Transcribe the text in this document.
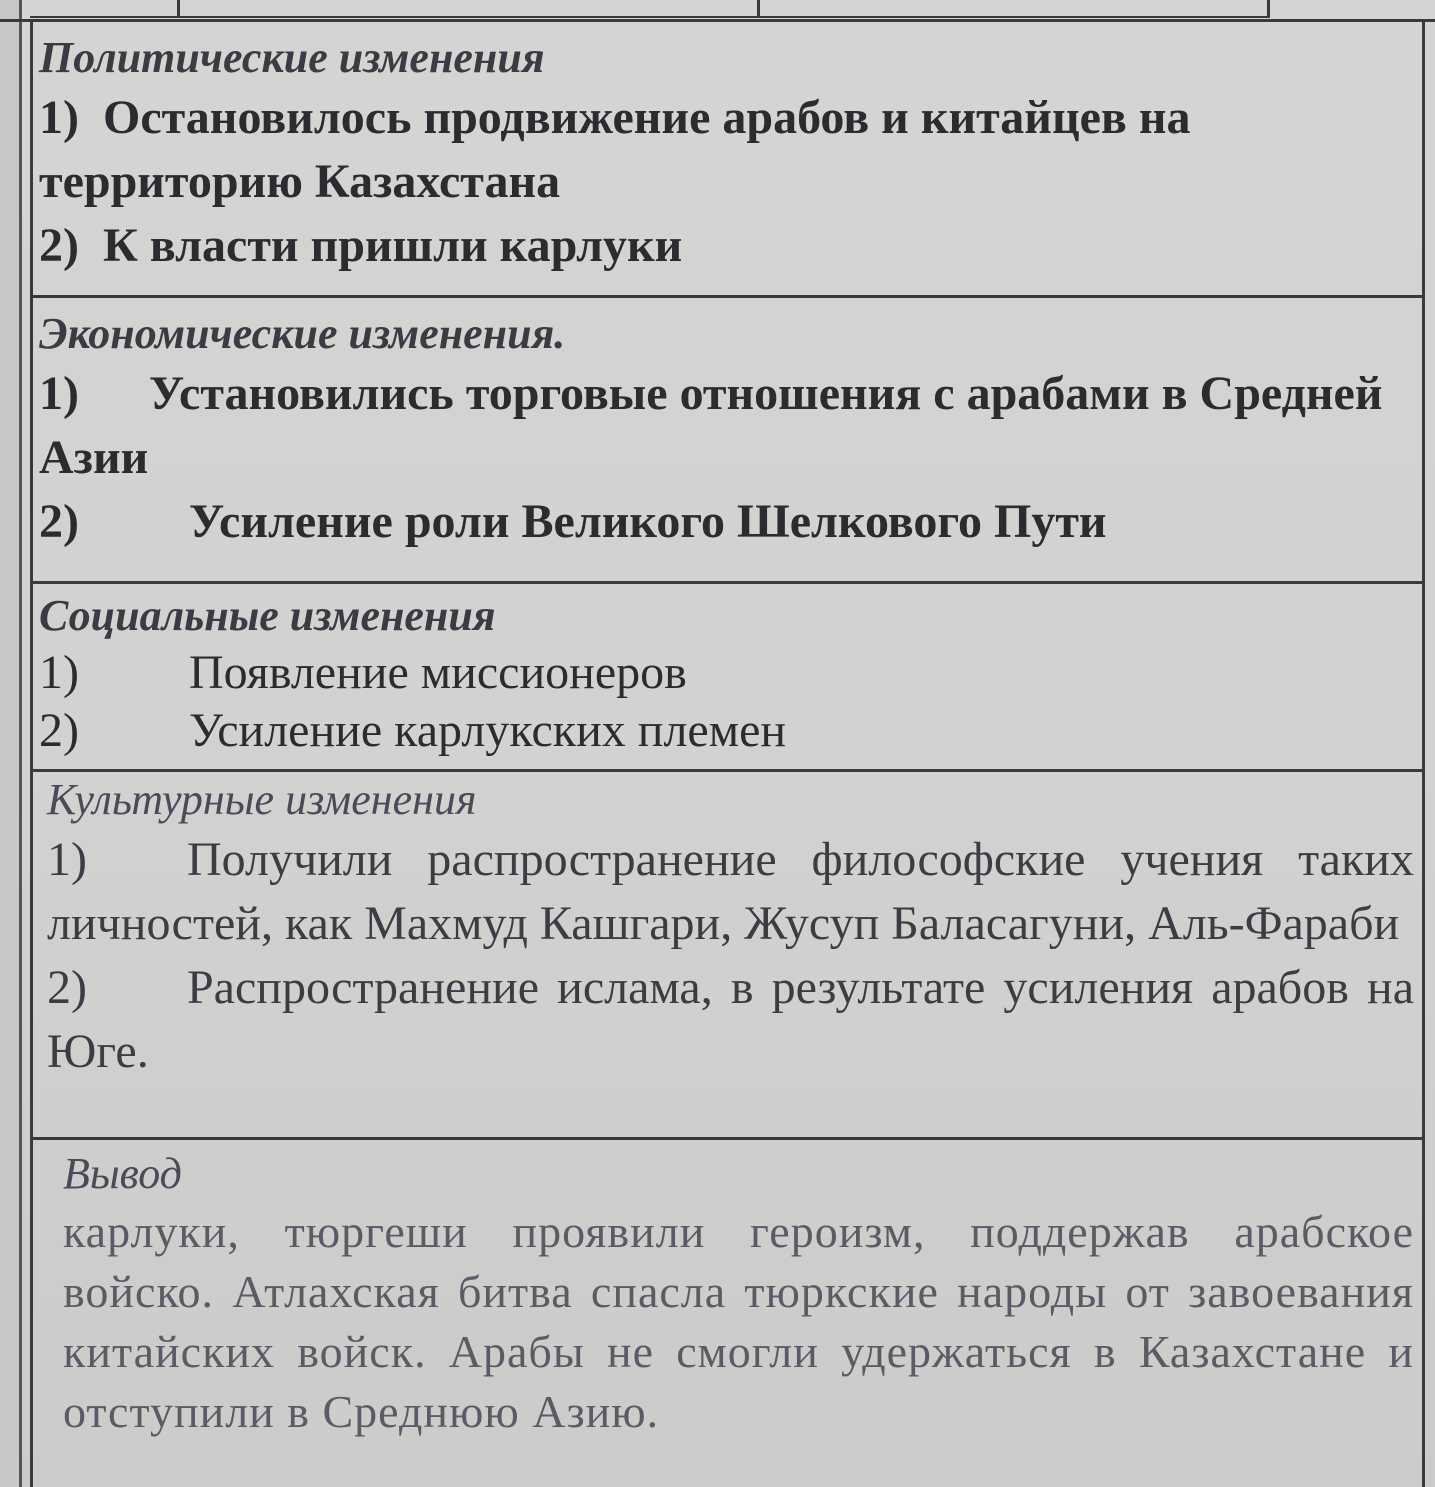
Политические изменения

1) Остановилось продвижение арабов и китайцев на территорию Казахстана

2) К власти пришли карлуки

Экономические изменения.

1) Установились торговые отношения с арабами в Средней Азии

2) Усиление роли Великого Шелкового Пути

Социальные изменения

1) Появление миссионеров

2) Усиление карлукских племен

Культурные изменения

1) Получили распространение философские учения таких личностей, как Махмуд Кашгари, Жусуп Баласагуни, Аль-Фараби

2) Распространение ислама, в результате усиления арабов на Юге.

Вывод

карлуки, тюргеши проявили героизм, поддержав арабское войско. Атлахская битва спасла тюркские народы от завоевания китайских войск. Арабы не смогли удержаться в Казахстане и отступили в Среднюю Азию.
